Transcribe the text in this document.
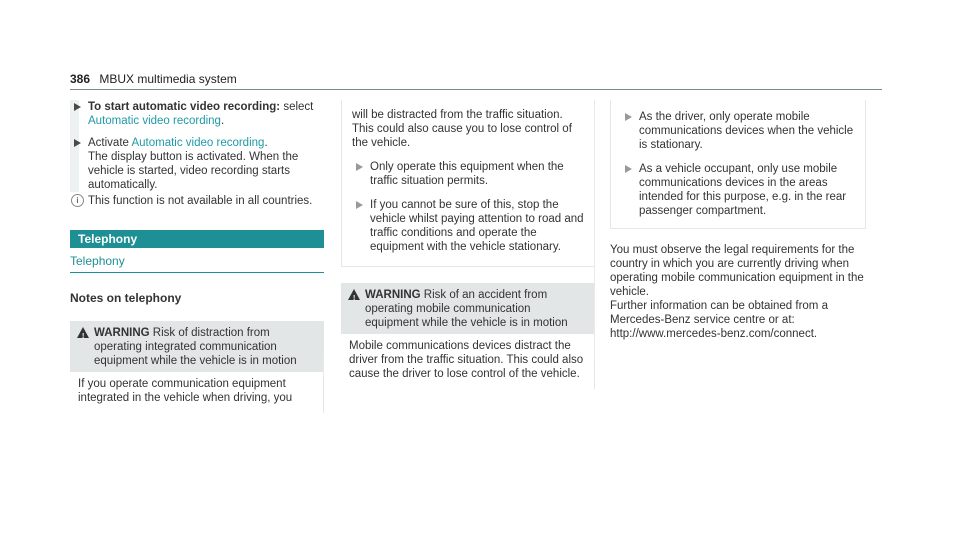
386 MBUX multimedia system
To start automatic video recording: select
Automatic video recording.
Activate Automatic video recording.
The display button is activated. When the vehicle is started, video recording starts automatically.
i This function is not available in all countries.
Telephony
Telephony
Notes on telephony
! WARNING Risk of distraction from operating integrated communication equipment while the vehicle is in motion
If you operate communication equipment integrated in the vehicle when driving, you
will be distracted from the traffic situation. This could also cause you to lose control of the vehicle.
Only operate this equipment when the traffic situation permits.
If you cannot be sure of this, stop the vehicle whilst paying attention to road and traffic conditions and operate the equipment with the vehicle stationary.
! WARNING Risk of an accident from operating mobile communication equipment while the vehicle is in motion
Mobile communications devices distract the driver from the traffic situation. This could also cause the driver to lose control of the vehicle.
As the driver, only operate mobile communications devices when the vehicle is stationary.
As a vehicle occupant, only use mobile communications devices in the areas intended for this purpose, e.g. in the rear passenger compartment.
You must observe the legal requirements for the country in which you are currently driving when operating mobile communication equipment in the vehicle.
Further information can be obtained from a Mercedes-Benz service centre or at: http://www.mercedes-benz.com/connect.
